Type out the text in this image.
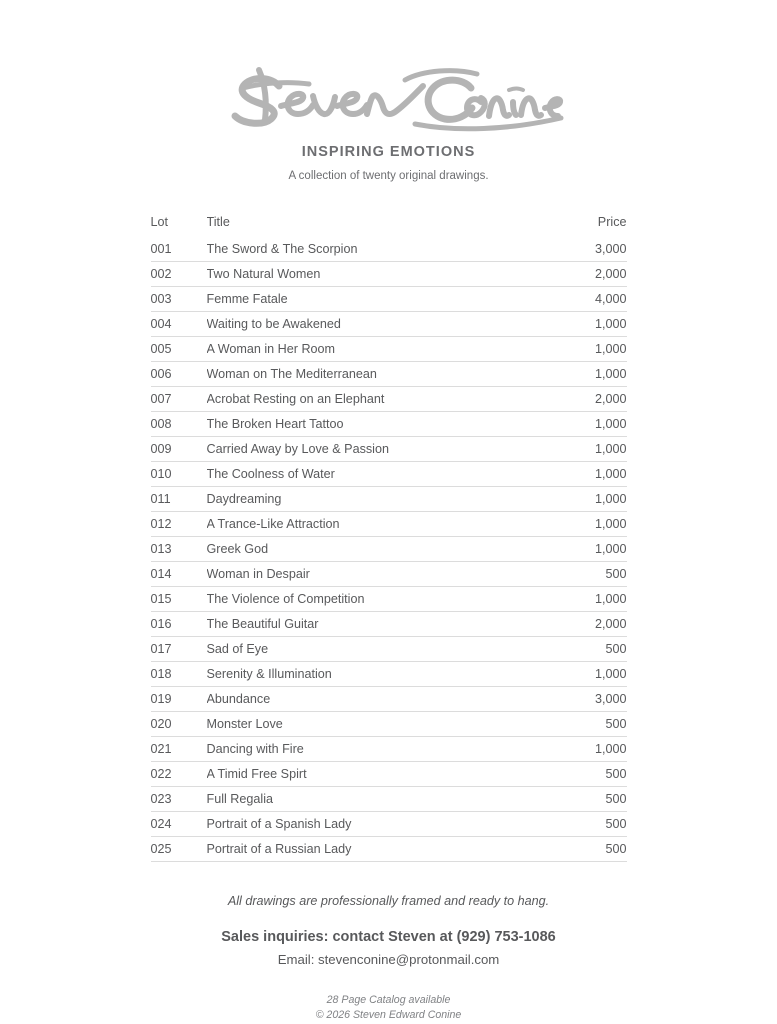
INSPIRING EMOTIONS
A collection of twenty original drawings.
Lot	Title	Price
001	The Sword & The Scorpion	3,000
002	Two Natural Women	2,000
003	Femme Fatale	4,000
004	Waiting to be Awakened	1,000
005	A Woman in Her Room	1,000
006	Woman on The Mediterranean	1,000
007	Acrobat Resting on an Elephant	2,000
008	The Broken Heart Tattoo	1,000
009	Carried Away by Love & Passion	1,000
010	The Coolness of Water	1,000
011	Daydreaming	1,000
012	A Trance-Like Attraction	1,000
013	Greek God	1,000
014	Woman in Despair	500
015	The Violence of Competition	1,000
016	The Beautiful Guitar	2,000
017	Sad of Eye	500
018	Serenity & Illumination	1,000
019	Abundance	3,000
020	Monster Love	500
021	Dancing with Fire	1,000
022	A Timid Free Spirt	500
023	Full Regalia	500
024	Portrait of a Spanish Lady	500
025	Portrait of a Russian Lady	500
All drawings are professionally framed and ready to hang.
Sales inquiries: contact Steven at (929) 753-1086
Email: stevenconine@protonmail.com
28 Page Catalog available
© 2026 Steven Edward Conine
